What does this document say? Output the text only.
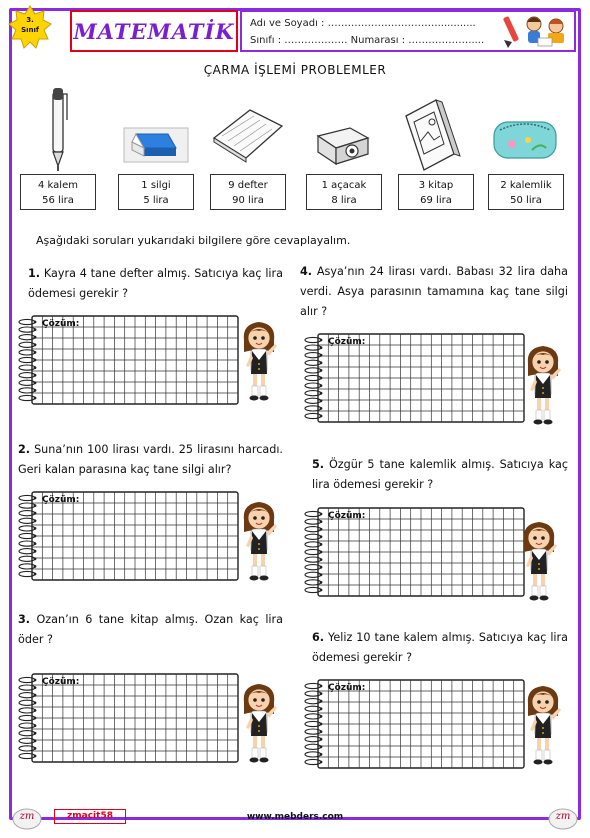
3.
Sınıf	MATEMATİK Adı ve Soyadı : ……………………………............
Sınıfı : ………………. Numarası : ……………….....
ÇARMA İŞLEMİ PROBLEMLER
4 kalem
56 lira
1 silgi
5 lira
9 defter
90 lira
1 açacak
8 lira
3 kitap
69 lira
2 kalemlik
50 lira
Aşağıdaki soruları yukarıdaki bilgilere göre cevaplayalım.
1. Kayra 4 tane defter almış. Satıcıya kaç lira ödemesi gerekir ?
2. Suna’nın 100 lirası vardı. 25 lirasını harcadı. Geri kalan parasına kaç tane silgi alır?
3. Ozan’ın 6 tane kitap almış. Ozan kaç lira öder ?
4. Asya’nın 24 lirası vardı. Babası 32 lira daha verdi. Asya parasının tamamına kaç tane silgi alır ?
5. Özgür 5 tane kalemlik almış. Satıcıya kaç lira ödemesi gerekir ?
6. Yeliz 10 tane kalem almış. Satıcıya kaç lira ödemesi gerekir ?
Çözüm:
Çözüm:
Çözüm:
Çözüm:
Çözüm:
Çözüm:
zm	zmacit58	www.mebders.com	zm
